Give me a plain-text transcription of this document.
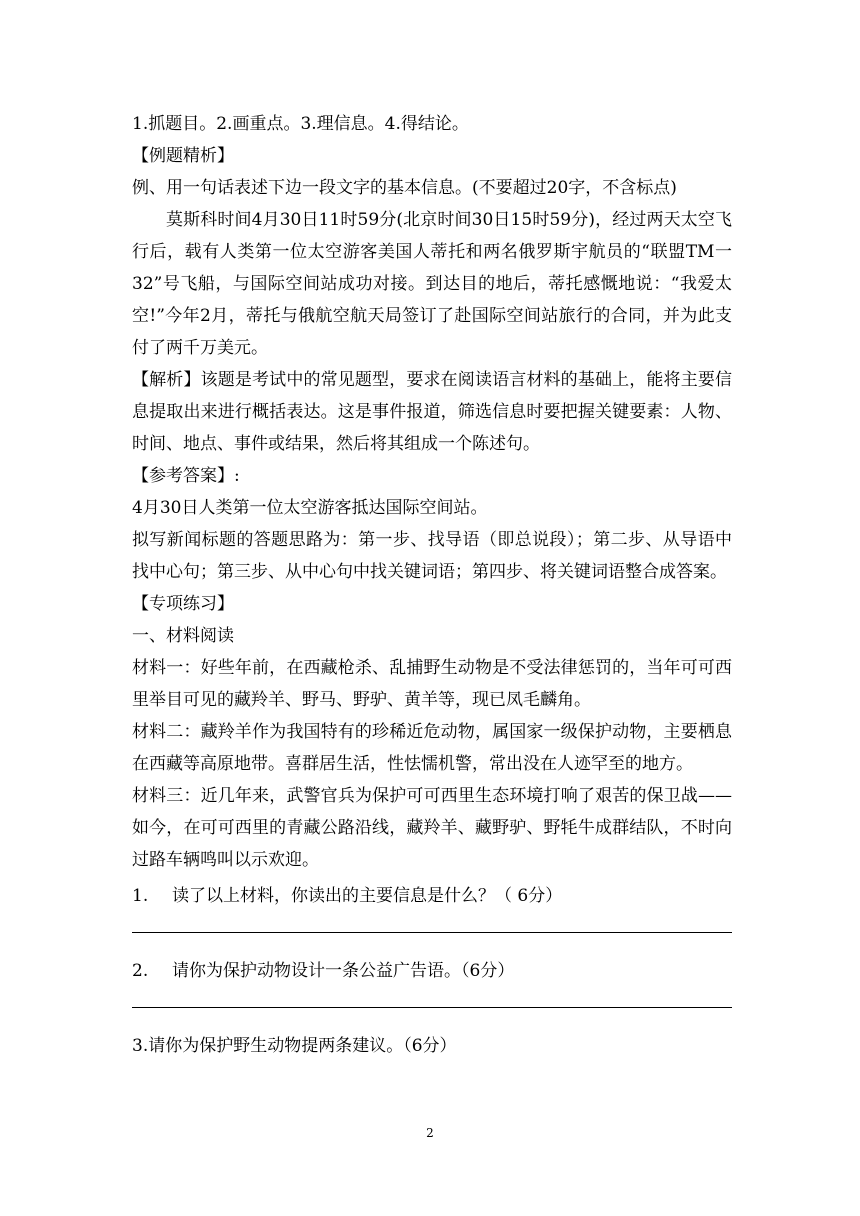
1.抓题目。2.画重点。3.理信息。4.得结论。

【例题精析】

例、用一句话表述下边一段文字的基本信息。(不要超过20字，不含标点)

莫斯科时间4月30日11时59分(北京时间30日15时59分)，经过两天太空飞行后，载有人类第一位太空游客美国人蒂托和两名俄罗斯宇航员的“联盟TM一32”号飞船，与国际空间站成功对接。到达目的地后，蒂托感慨地说：“我爱太空!”今年2月，蒂托与俄航空航天局签订了赴国际空间站旅行的合同，并为此支付了两千万美元。

【解析】该题是考试中的常见题型，要求在阅读语言材料的基础上，能将主要信息提取出来进行概括表达。这是事件报道，筛选信息时要把握关键要素：人物、时间、地点、事件或结果，然后将其组成一个陈述句。

【参考答案】:

4月30日人类第一位太空游客抵达国际空间站。

拟写新闻标题的答题思路为：第一步、找导语（即总说段）；第二步、从导语中找中心句；第三步、从中心句中找关键词语；第四步、将关键词语整合成答案。

【专项练习】

一、材料阅读

材料一：好些年前，在西藏枪杀、乱捕野生动物是不受法律惩罚的，当年可可西里举目可见的藏羚羊、野马、野驴、黄羊等，现已凤毛麟角。

材料二：藏羚羊作为我国特有的珍稀近危动物，属国家一级保护动物，主要栖息在西藏等高原地带。喜群居生活，性怯懦机警，常出没在人迹罕至的地方。

材料三：近几年来，武警官兵为保护可可西里生态环境打响了艰苦的保卫战——如今，在可可西里的青藏公路沿线，藏羚羊、藏野驴、野牦牛成群结队，不时向过路车辆鸣叫以示欢迎。

1. 读了以上材料，你读出的主要信息是什么？（ 6分）

2. 请你为保护动物设计一条公益广告语。（6分）

3.请你为保护野生动物提两条建议。（6分）

2
